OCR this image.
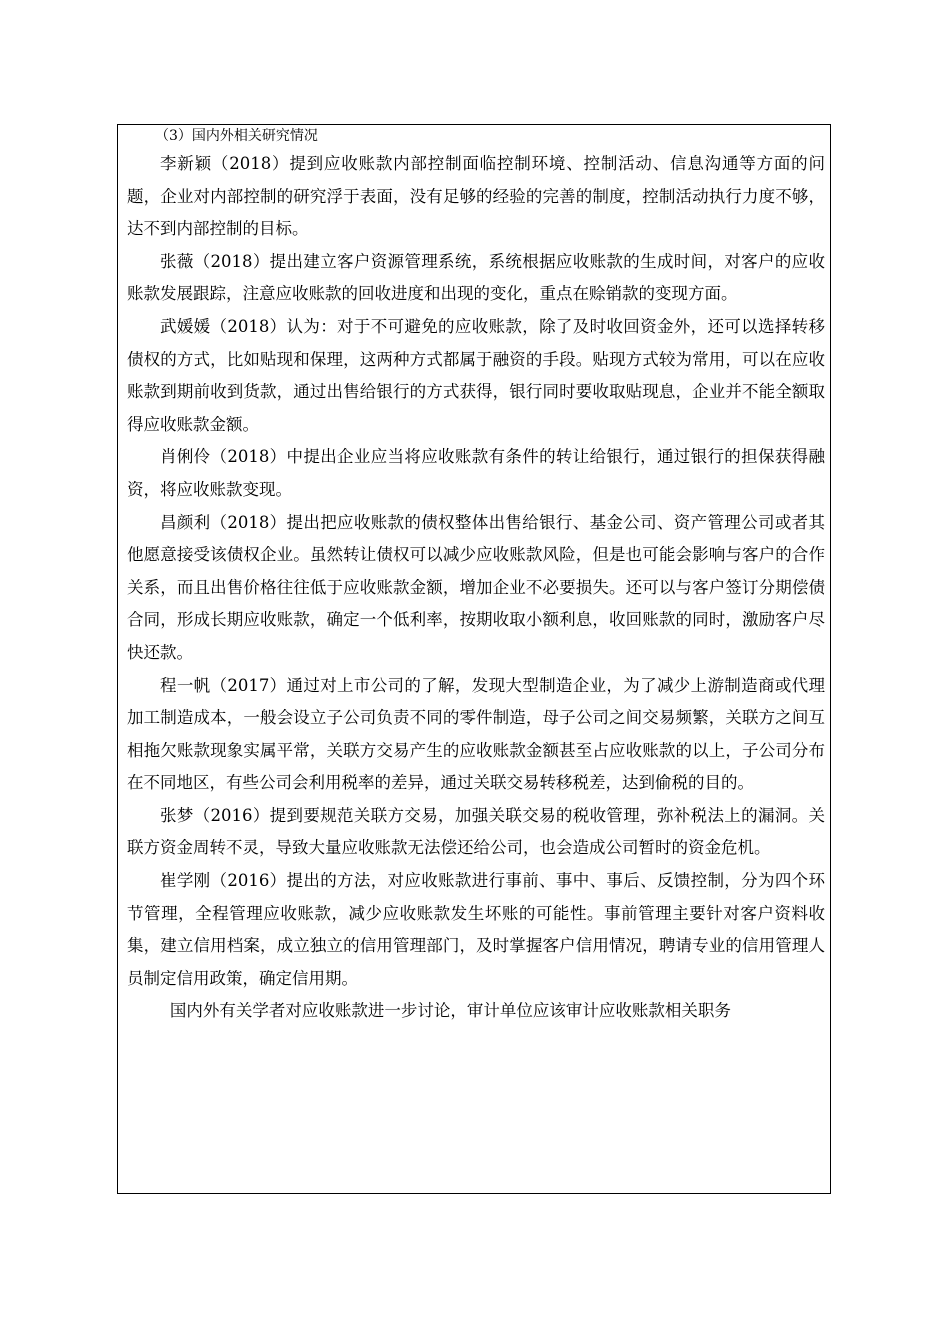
（3）国内外相关研究情况

李新颖（2018）提到应收账款内部控制面临控制环境、控制活动、信息沟通等方面的问题，企业对内部控制的研究浮于表面，没有足够的经验的完善的制度，控制活动执行力度不够，达不到内部控制的目标。

张薇（2018）提出建立客户资源管理系统，系统根据应收账款的生成时间，对客户的应收账款发展跟踪，注意应收账款的回收进度和出现的变化，重点在赊销款的变现方面。

武媛媛（2018）认为：对于不可避免的应收账款，除了及时收回资金外，还可以选择转移债权的方式，比如贴现和保理，这两种方式都属于融资的手段。贴现方式较为常用，可以在应收账款到期前收到货款，通过出售给银行的方式获得，银行同时要收取贴现息，企业并不能全额取得应收账款金额。

肖俐伶（2018）中提出企业应当将应收账款有条件的转让给银行，通过银行的担保获得融资，将应收账款变现。

昌颜利（2018）提出把应收账款的债权整体出售给银行、基金公司、资产管理公司或者其他愿意接受该债权企业。虽然转让债权可以减少应收账款风险，但是也可能会影响与客户的合作关系，而且出售价格往往低于应收账款金额，增加企业不必要损失。还可以与客户签订分期偿债合同，形成长期应收账款，确定一个低利率，按期收取小额利息，收回账款的同时，激励客户尽快还款。

程一帆（2017）通过对上市公司的了解，发现大型制造企业，为了减少上游制造商或代理加工制造成本，一般会设立子公司负责不同的零件制造，母子公司之间交易频繁，关联方之间互相拖欠账款现象实属平常，关联方交易产生的应收账款金额甚至占应收账款的以上，子公司分布在不同地区，有些公司会利用税率的差异，通过关联交易转移税差，达到偷税的目的。

张梦（2016）提到要规范关联方交易，加强关联交易的税收管理，弥补税法上的漏洞。关联方资金周转不灵，导致大量应收账款无法偿还给公司，也会造成公司暂时的资金危机。

崔学刚（2016）提出的方法，对应收账款进行事前、事中、事后、反馈控制，分为四个环节管理，全程管理应收账款，减少应收账款发生坏账的可能性。事前管理主要针对客户资料收集，建立信用档案，成立独立的信用管理部门，及时掌握客户信用情况，聘请专业的信用管理人员制定信用政策，确定信用期。

国内外有关学者对应收账款进一步讨论，审计单位应该审计应收账款相关职务
